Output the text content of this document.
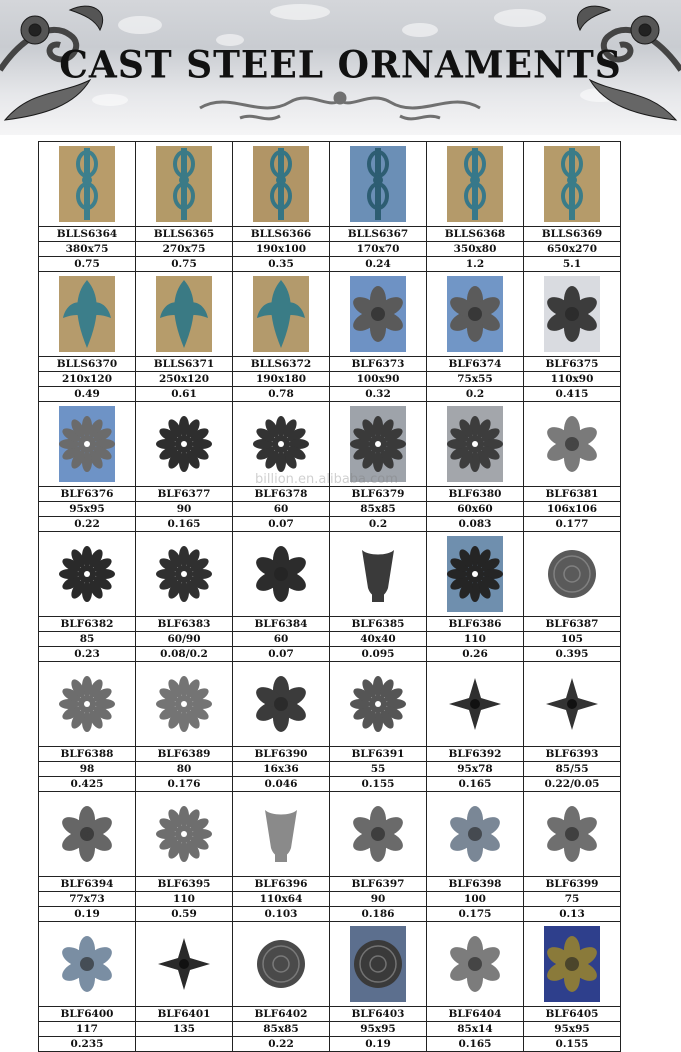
CAST STEEL ORNAMENTS

BLLS6364	BLLS6365	BLLS6366	BLLS6367	BLLS6368	BLLS6369
380x75	270x75	190x100	170x70	350x80	650x270
0.75	0.75	0.35	0.24	1.2	5.1

BLLS6370	BLLS6371	BLLS6372	BLF6373	BLF6374	BLF6375
210x120	250x120	190x180	100x90	75x55	110x90
0.49	0.61	0.78	0.32	0.2	0.415

BLF6376	BLF6377	BLF6378	BLF6379	BLF6380	BLF6381
95x95	90	60	85x85	60x60	106x106
0.22	0.165	0.07	0.2	0.083	0.177

BLF6382	BLF6383	BLF6384	BLF6385	BLF6386	BLF6387
85	60/90	60	40x40	110	105
0.23	0.08/0.2	0.07	0.095	0.26	0.395

BLF6388	BLF6389	BLF6390	BLF6391	BLF6392	BLF6393
98	80	16x36	55	95x78	85/55
0.425	0.176	0.046	0.155	0.165	0.22/0.05

BLF6394	BLF6395	BLF6396	BLF6397	BLF6398	BLF6399
77x73	110	110x64	90	100	75
0.19	0.59	0.103	0.186	0.175	0.13

BLF6400	BLF6401	BLF6402	BLF6403	BLF6404	BLF6405
117	135	85x85	95x95	85x14	95x95
0.235		0.22	0.19	0.165	0.155
billion.en.alibaba.com
